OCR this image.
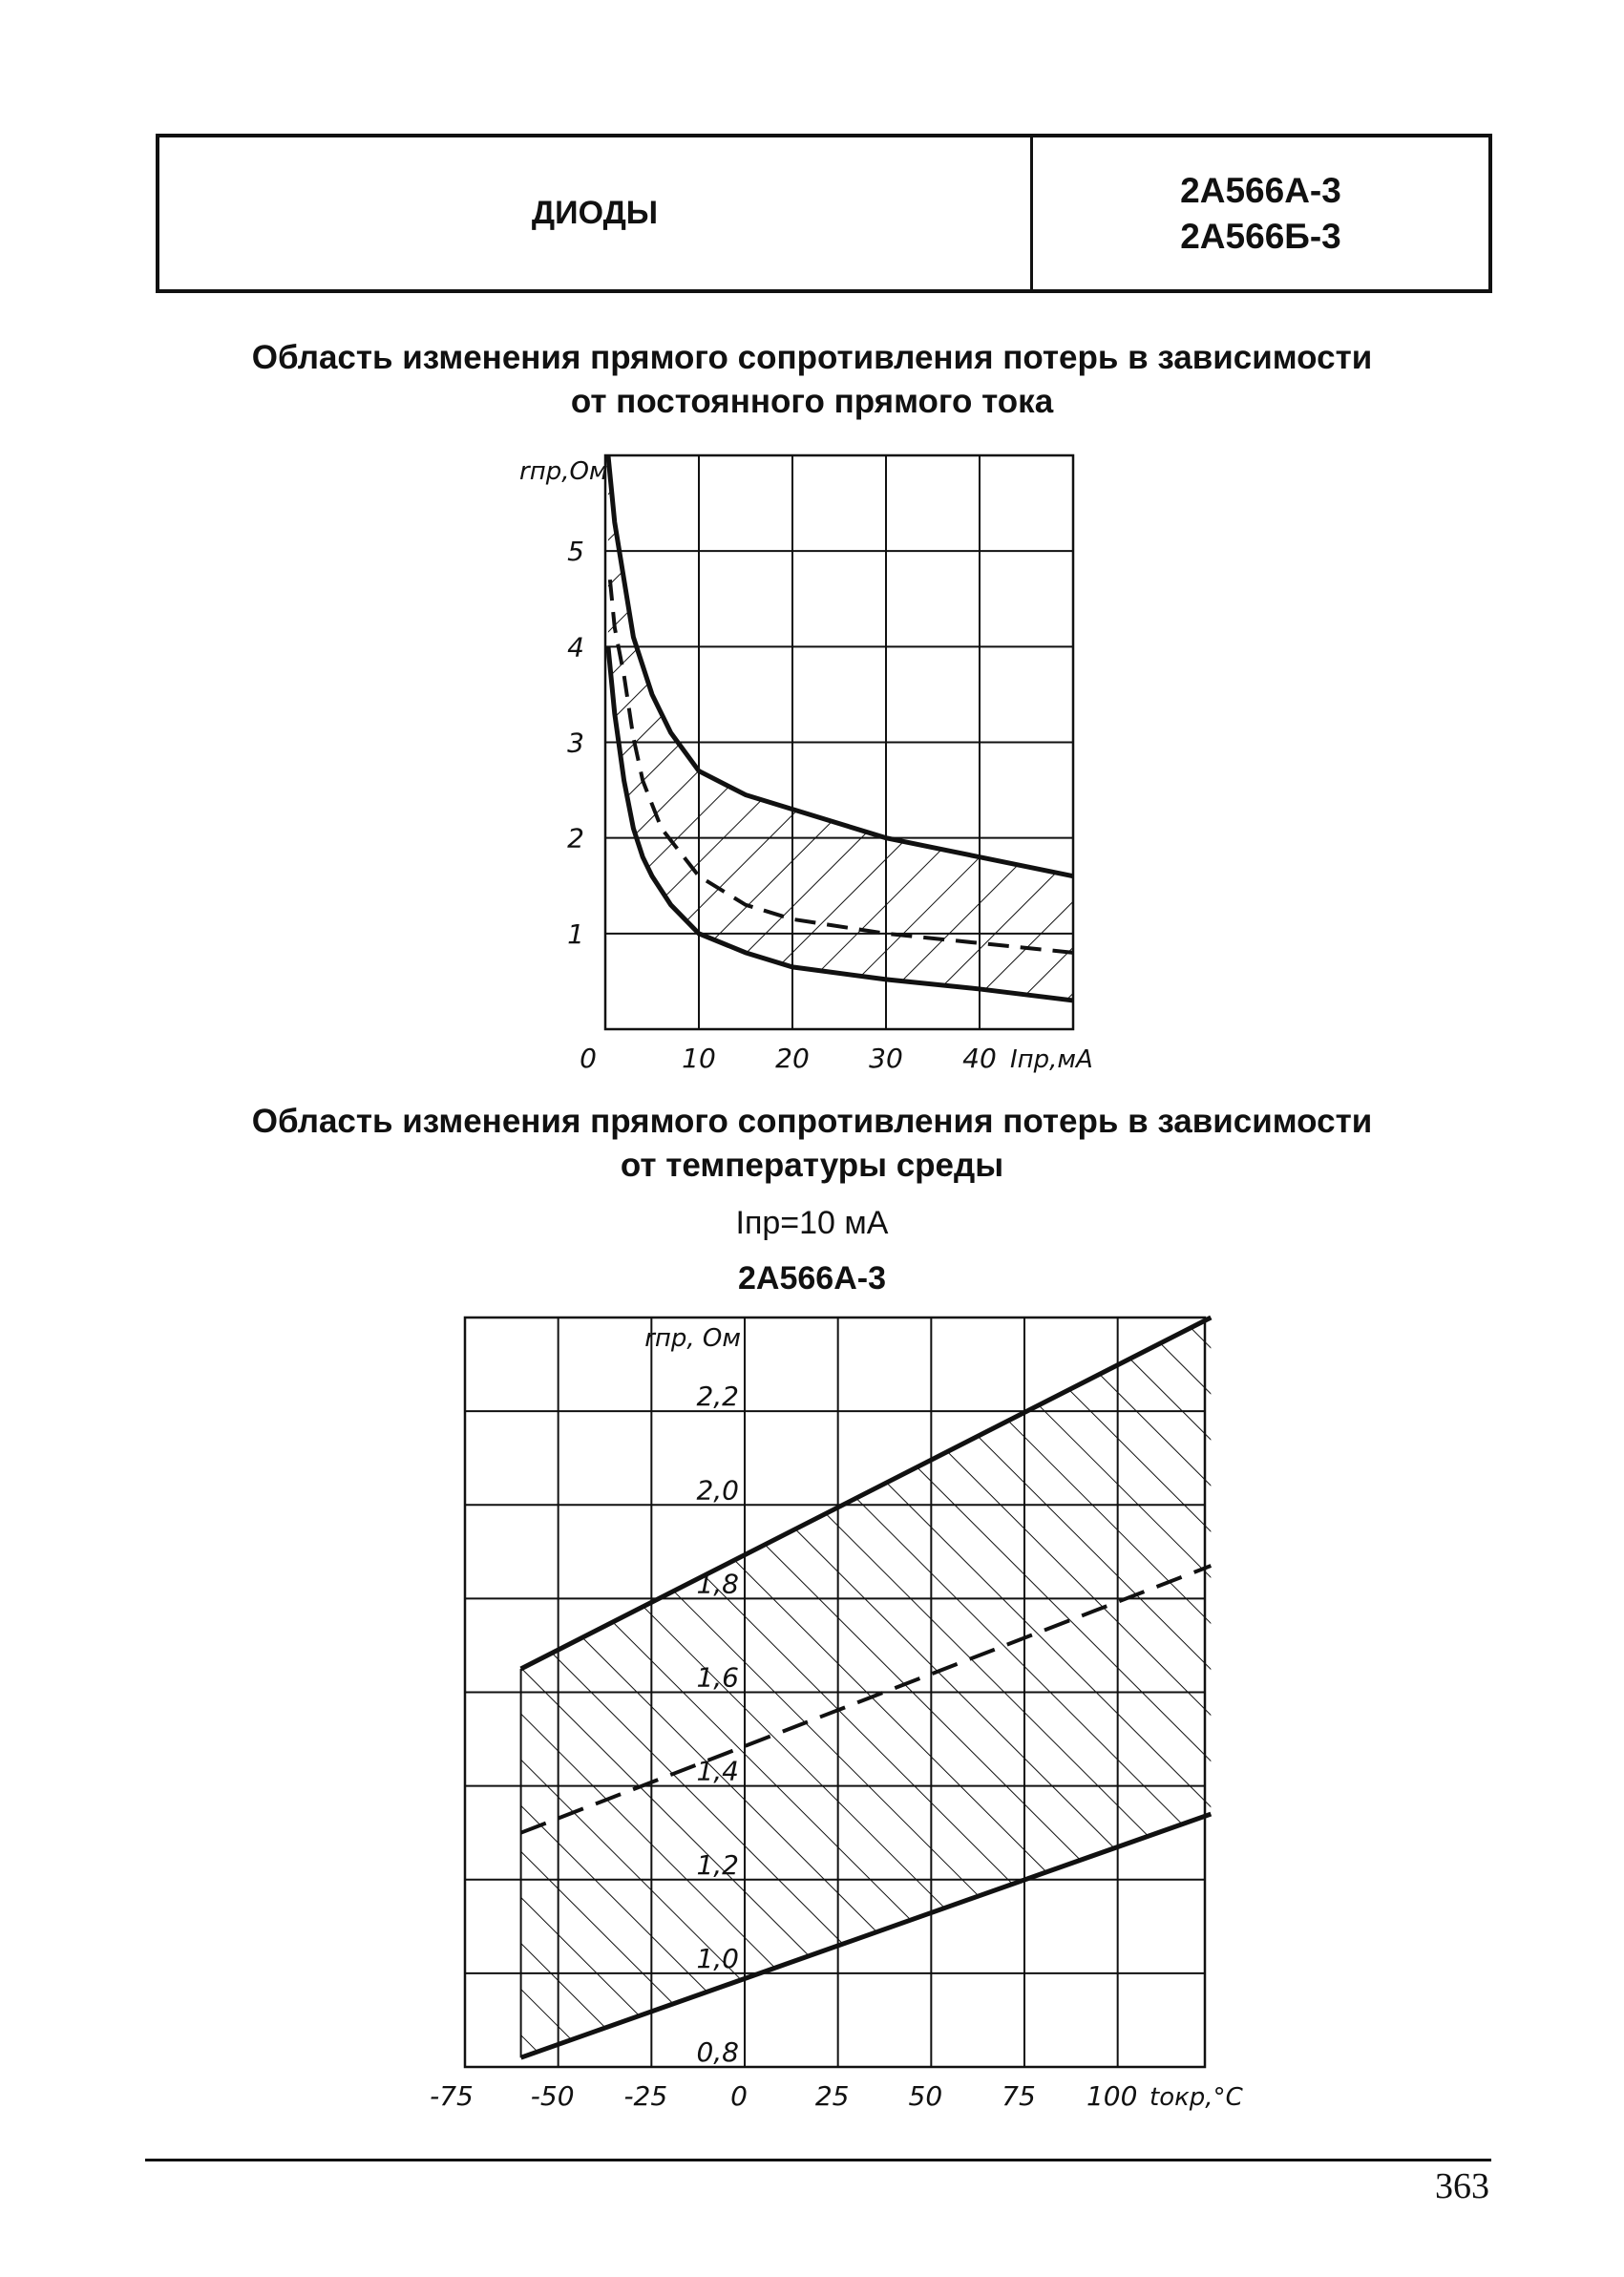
ДИОДЫ
2А566А-3
2А566Б-3
Область изменения прямого сопротивления потерь в зависимости
от постоянного прямого тока
Область изменения прямого сопротивления потерь в зависимости
от температуры среды
Iпр=10 мА
2А566А-3
1
2
3
4
5
0	10 20 30 40 Iпр,мА
rпр,Ом
0,8
1,0
1,2
1,4
1,6
1,8
2,0
2,2
-75 -50 -25 0	25 50 75 100 tокр,°C
rпр, Ом
363
